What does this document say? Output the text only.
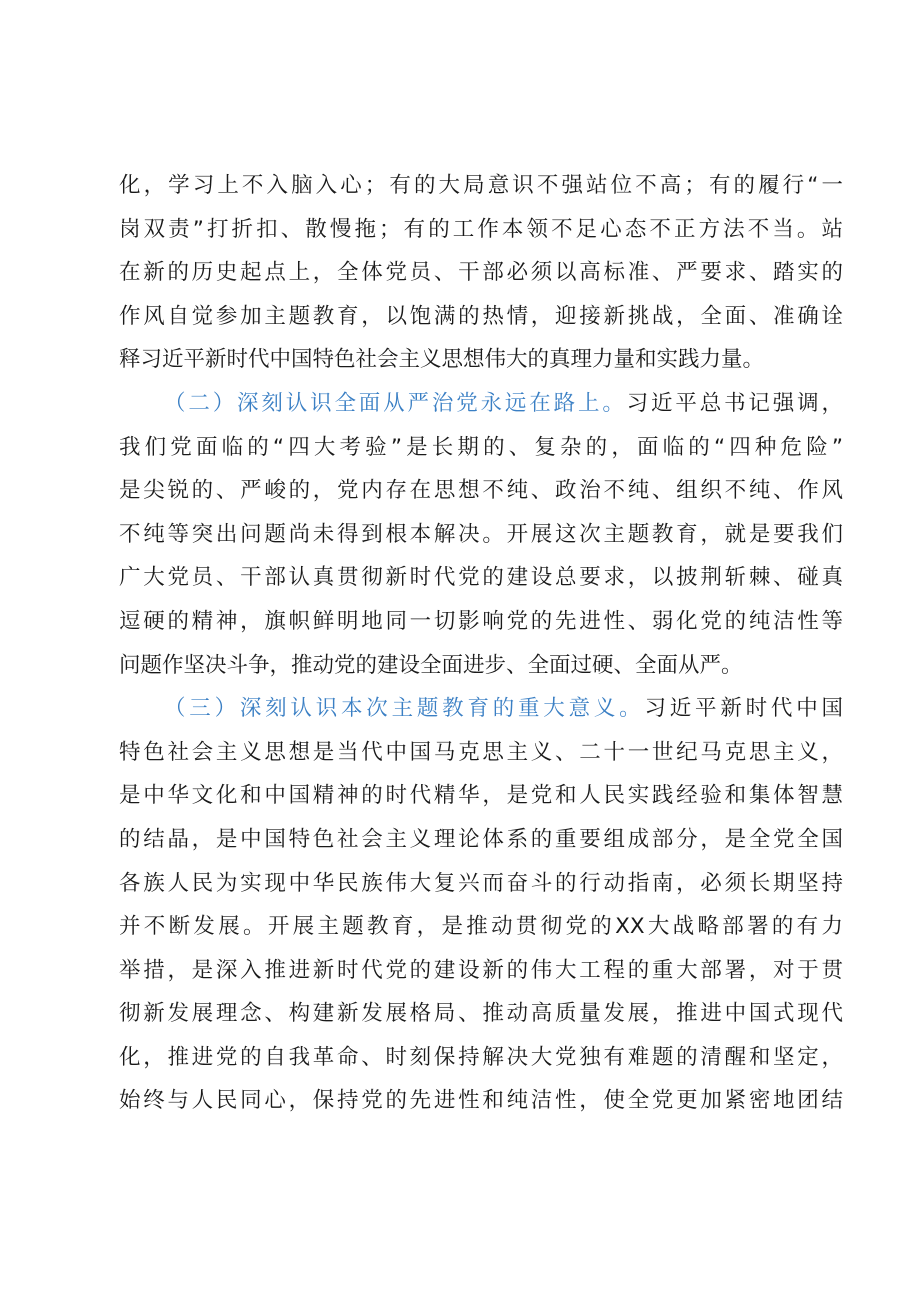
化，学习上不入脑入心；有的大局意识不强站位不高；有的履行“一
岗双责”打折扣、散慢拖；有的工作本领不足心态不正方法不当。站
在新的历史起点上，全体党员、干部必须以高标准、严要求、踏实的
作风自觉参加主题教育，以饱满的热情，迎接新挑战，全面、准确诠
释习近平新时代中国特色社会主义思想伟大的真理力量和实践力量。
（二）深刻认识全面从严治党永远在路上。习近平总书记强调，
我们党面临的“四大考验”是长期的、复杂的，面临的“四种危险”
是尖锐的、严峻的，党内存在思想不纯、政治不纯、组织不纯、作风
不纯等突出问题尚未得到根本解决。开展这次主题教育，就是要我们
广大党员、干部认真贯彻新时代党的建设总要求，以披荆斩棘、碰真
逗硬的精神，旗帜鲜明地同一切影响党的先进性、弱化党的纯洁性等
问题作坚决斗争，推动党的建设全面进步、全面过硬、全面从严。
（三）深刻认识本次主题教育的重大意义。习近平新时代中国
特色社会主义思想是当代中国马克思主义、二十一世纪马克思主义，
是中华文化和中国精神的时代精华，是党和人民实践经验和集体智慧
的结晶，是中国特色社会主义理论体系的重要组成部分，是全党全国
各族人民为实现中华民族伟大复兴而奋斗的行动指南，必须长期坚持
并不断发展。开展主题教育，是推动贯彻党的XX大战略部署的有力
举措，是深入推进新时代党的建设新的伟大工程的重大部署，对于贯
彻新发展理念、构建新发展格局、推动高质量发展，推进中国式现代
化，推进党的自我革命、时刻保持解决大党独有难题的清醒和坚定，
始终与人民同心，保持党的先进性和纯洁性，使全党更加紧密地团结
